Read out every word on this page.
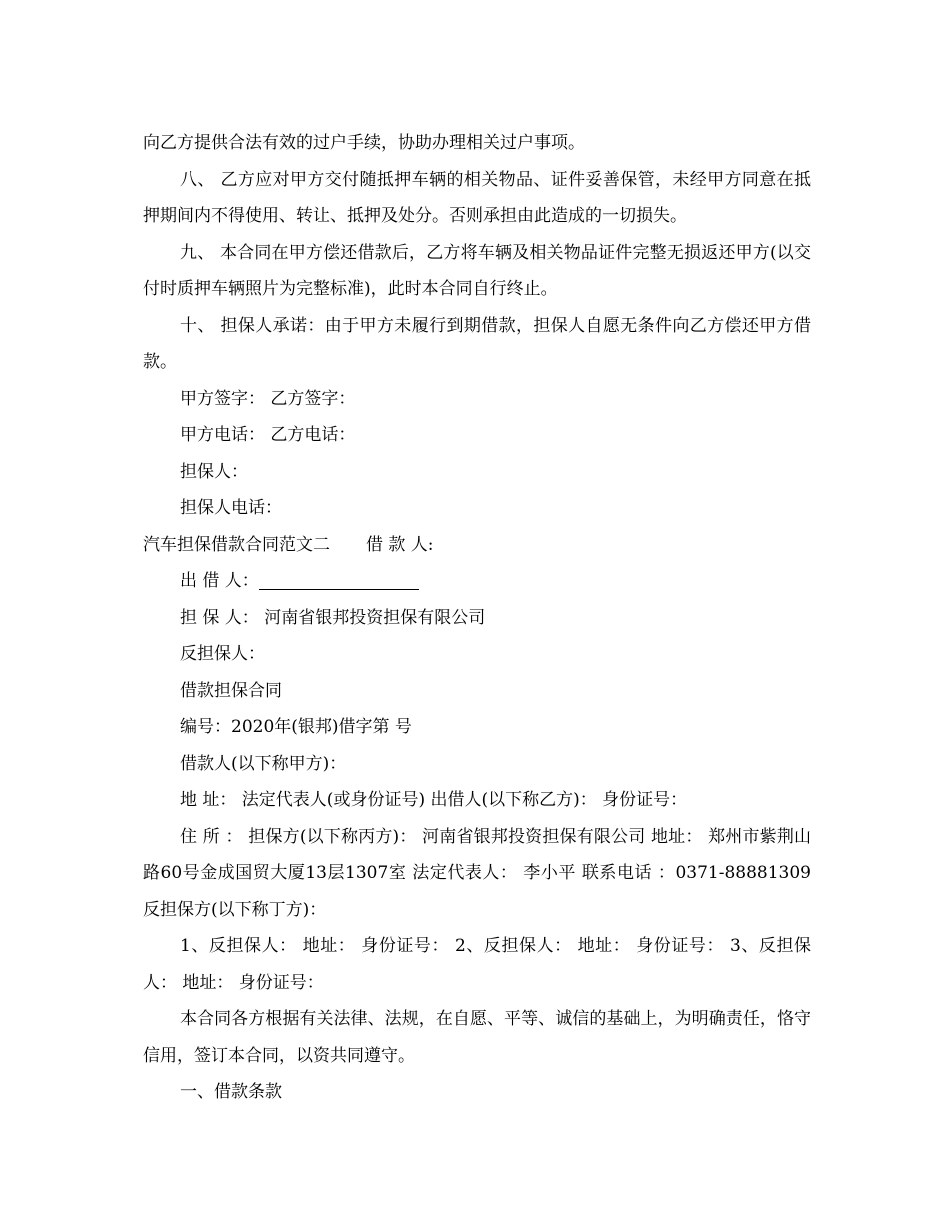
向乙方提供合法有效的过户手续，协助办理相关过户事项。

八、 乙方应对甲方交付随抵押车辆的相关物品、证件妥善保管，未经甲方同意在抵押期间内不得使用、转让、抵押及处分。否则承担由此造成的一切损失。

九、 本合同在甲方偿还借款后，乙方将车辆及相关物品证件完整无损返还甲方(以交付时质押车辆照片为完整标准)，此时本合同自行终止。

十、 担保人承诺：由于甲方未履行到期借款，担保人自愿无条件向乙方偿还甲方借款。

甲方签字： 乙方签字：

甲方电话： 乙方电话：

担保人：

担保人电话：

汽车担保借款合同范文二 借 款 人:

出 借 人：

担 保 人： 河南省银邦投资担保有限公司

反担保人：

借款担保合同

编号：2020年(银邦)借字第 号

借款人(以下称甲方)：

地 址： 法定代表人(或身份证号) 出借人(以下称乙方)： 身份证号：

住 所 ： 担保方(以下称丙方)： 河南省银邦投资担保有限公司 地址： 郑州市紫荆山路60号金成国贸大厦13层1307室 法定代表人： 李小平 联系电话 ：0371-88881309 反担保方(以下称丁方)：

1、反担保人： 地址： 身份证号： 2、反担保人： 地址： 身份证号： 3、反担保人： 地址： 身份证号：

本合同各方根据有关法律、法规，在自愿、平等、诚信的基础上，为明确责任，恪守信用，签订本合同，以资共同遵守。

一、借款条款
